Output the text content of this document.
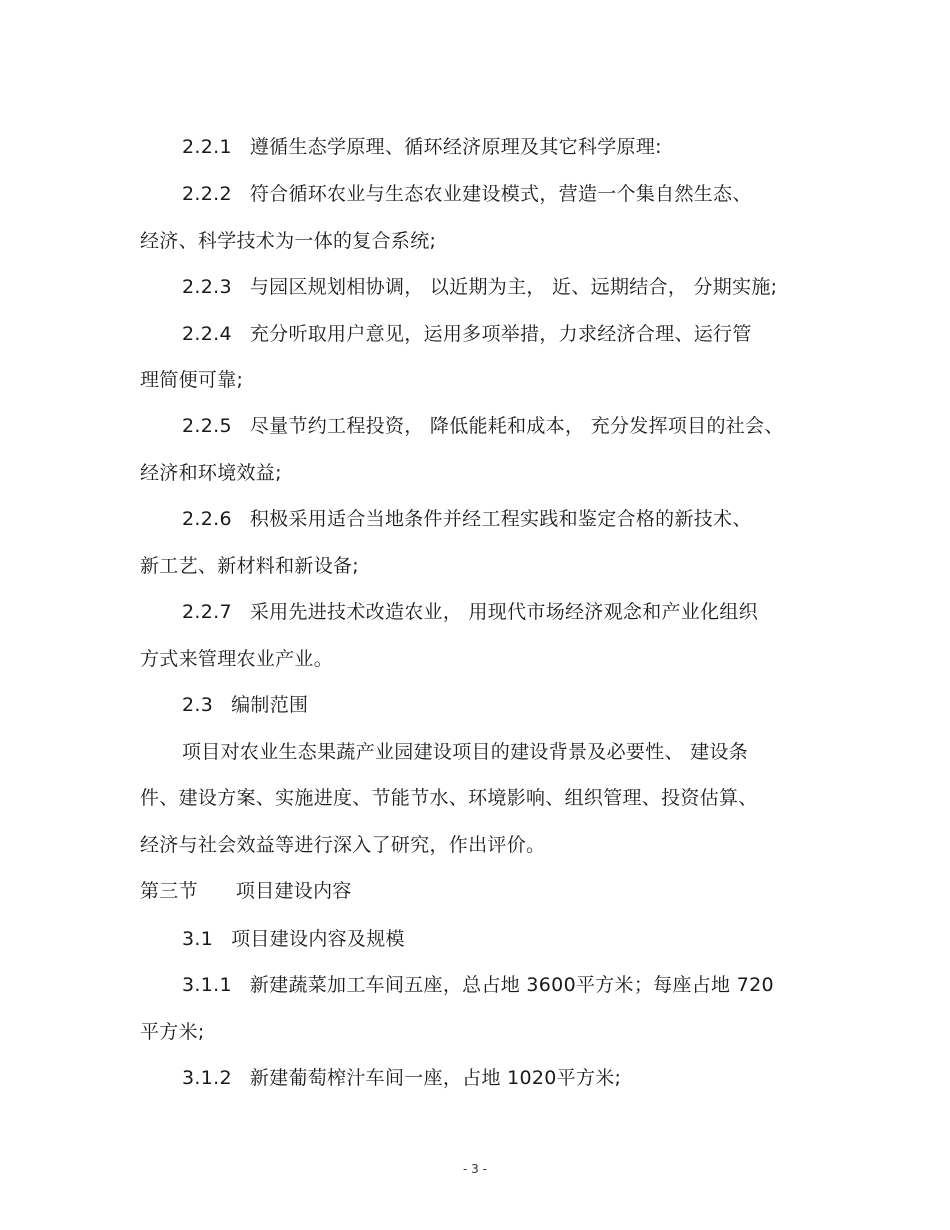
2.2.1 遵循生态学原理、循环经济原理及其它科学原理:
2.2.2 符合循环农业与生态农业建设模式，营造一个集自然生态、
经济、科学技术为一体的复合系统;
2.2.3 与园区规划相协调， 以近期为主， 近、远期结合， 分期实施;
2.2.4 充分听取用户意见，运用多项举措，力求经济合理、运行管
理简便可靠;
2.2.5 尽量节约工程投资， 降低能耗和成本， 充分发挥项目的社会、
经济和环境效益;
2.2.6 积极采用适合当地条件并经工程实践和鉴定合格的新技术、
新工艺、新材料和新设备;
2.2.7 采用先进技术改造农业， 用现代市场经济观念和产业化组织
方式来管理农业产业。
2.3 编制范围
项目对农业生态果蔬产业园建设项目的建设背景及必要性、 建设条
件、建设方案、实施进度、节能节水、环境影响、组织管理、投资估算、
经济与社会效益等进行深入了研究，作出评价。
第三节 项目建设内容
3.1 项目建设内容及规模
3.1.1 新建蔬菜加工车间五座，总占地 3600平方米；每座占地 720
平方米;
3.1.2 新建葡萄榨汁车间一座，占地 1020平方米;
- 3 -
